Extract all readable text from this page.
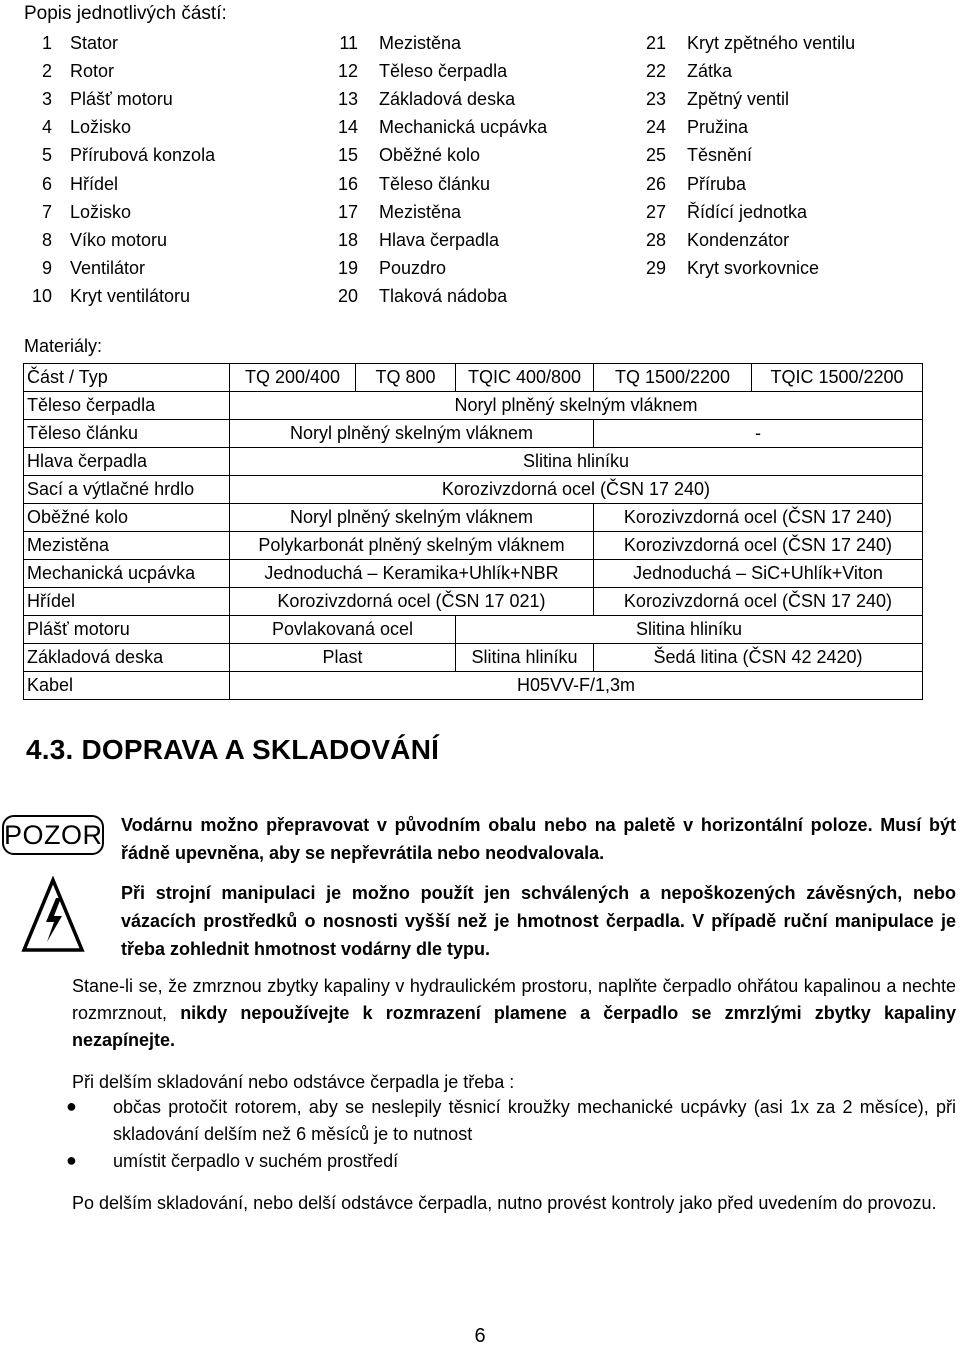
Popis jednotlivých částí:
1 Stator
2 Rotor
3 Plášť motoru
4 Ložisko
5 Přírubová konzola
6 Hřídel
7 Ložisko
8 Víko motoru
9 Ventilátor
10 Kryt ventilátoru
11 Mezistěna
12 Těleso čerpadla
13 Základová deska
14 Mechanická ucpávka
15 Oběžné kolo
16 Těleso článku
17 Mezistěna
18 Hlava čerpadla
19 Pouzdro
20 Tlaková nádoba
21 Kryt zpětného ventilu
22 Zátka
23 Zpětný ventil
24 Pružina
25 Těsnění
26 Příruba
27 Řídící jednotka
28 Kondenzátor
29 Kryt svorkovnice
Materiály:
Část / Typ	TQ 200/400	TQ 800	TQIC 400/800	TQ 1500/2200	TQIC 1500/2200
Těleso čerpadla	Noryl plněný skelným vláknem				
Těleso článku	Noryl plněný skelným vláknem			-	
Hlava čerpadla	Slitina hliníku				
Sací a výtlačné hrdlo	Korozivzdorná ocel (ČSN 17 240)				
Oběžné kolo	Noryl plněný skelným vláknem			Korozivzdorná ocel (ČSN 17 240)	
Mezistěna	Polykarbonát plněný skelným vláknem			Korozivzdorná ocel (ČSN 17 240)	
Mechanická ucpávka	Jednoduchá – Keramika+Uhlík+NBR			Jednoduchá – SiC+Uhlík+Viton	
Hřídel	Korozivzdorná ocel (ČSN 17 021)			Korozivzdorná ocel (ČSN 17 240)	
Plášť motoru	Povlakovaná ocel		Slitina hliníku		
Základová deska	Plast		Slitina hliníku	Šedá litina (ČSN 42 2420)	
Kabel	H05VV-F/1,3m				
4.3. DOPRAVA A SKLADOVÁNÍ
POZOR Vodárnu možno přepravovat v původním obalu nebo na paletě v horizontální poloze. Musí být řádně upevněna, aby se nepřevrátila nebo neodvalovala.
Při strojní manipulaci je možno použít jen schválených a nepoškozených závěsných, nebo vázacích prostředků o nosnosti vyšší než je hmotnost čerpadla. V případě ruční manipulace je třeba zohlednit hmotnost vodárny dle typu.
Stane-li se, že zmrznou zbytky kapaliny v hydraulickém prostoru, naplňte čerpadlo ohřátou kapalinou a nechte rozmrznout, nikdy nepoužívejte k rozmrazení plamene a čerpadlo se zmrzlými zbytky kapaliny nezapínejte.
Při delším skladování nebo odstávce čerpadla je třeba :
● občas protočit rotorem, aby se neslepily těsnicí kroužky mechanické ucpávky (asi 1x za 2 měsíce), při skladování delším než 6 měsíců je to nutnost
● umístit čerpadlo v suchém prostředí
Po delším skladování, nebo delší odstávce čerpadla, nutno provést kontroly jako před uvedením do provozu.
6
